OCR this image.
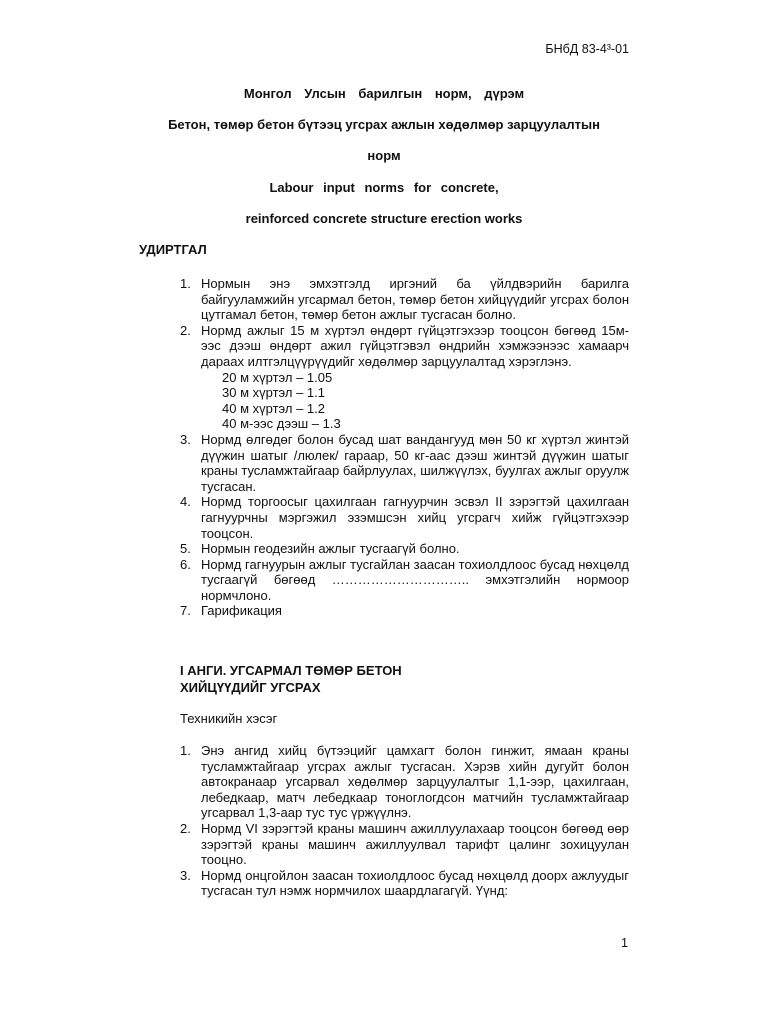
БНбД 83-4³-01
Монгол Улсын барилгын норм, дүрэм
Бетон, төмөр бетон бүтээц угсрах ажлын хөдөлмөр зарцуулалтын
норм
Labour input norms for concrete,
reinforced concrete structure erection works
УДИРТГАЛ
1. Нормын энэ эмхэтгэлд иргэний ба үйлдвэрийн барилга байгууламжийн угсармал бетон, төмөр бетон хийцүүдийг угсрах болон цутгамал бетон, төмөр бетон ажлыг тусгасан болно.
2. Нормд ажлыг 15 м хүртэл өндөрт гүйцэтгэхээр тооцсон бөгөөд 15м-ээс дээш өндөрт ажил гүйцэтгэвэл өндрийн хэмжээнээс хамаарч дараах илтгэлцүүрүүдийг хөдөлмөр зарцуулалтад хэрэглэнэ.
20 м хүртэл – 1.05
30 м хүртэл – 1.1
40 м хүртэл – 1.2
40 м-ээс дээш – 1.3
3. Нормд өлгөдөг болон бусад шат вандангууд мөн 50 кг хүртэл жинтэй дүүжин шатыг /люлек/ гараар, 50 кг-аас дээш жинтэй дүүжин шатыг краны тусламжтайгаар байрлуулах, шилжүүлэх, буулгах ажлыг оруулж тусгасан.
4. Нормд торгоосыг цахилгаан гагнуурчин эсвэл II зэрэгтэй цахилгаан гагнуурчны мэргэжил эзэмшсэн хийц угсрагч хийж гүйцэтгэхээр тооцсон.
5. Нормын геодезийн ажлыг тусгаагүй болно.
6. Нормд гагнуурын ажлыг тусгайлан заасан тохиолдлоос бусад нөхцөлд тусгаагүй бөгөөд ………………………….. эмхэтгэлийн нормоор нормчлоно.
7. Гарификация
I АНГИ. УГСАРМАЛ ТӨМӨР БЕТОН
ХИЙЦҮҮДИЙГ УГСРАХ
Техникийн хэсэг
1. Энэ ангид хийц бүтээцийг цамхагт болон гинжит, ямаан краны тусламжтайгаар угсрах ажлыг тусгасан. Хэрэв хийн дугуйт болон автокранаар угсарвал хөдөлмөр зарцуулалтыг 1,1-ээр, цахилгаан, лебедкаар, матч лебедкаар тоноглогдсон матчийн тусламжтайгаар угсарвал 1,3-аар тус тус үржүүлнэ.
2. Нормд VI зэрэгтэй краны машинч ажиллуулахаар тооцсон бөгөөд өөр зэрэгтэй краны машинч ажиллуулвал тарифт цалинг зохицуулан тооцно.
3. Нормд онцгойлон заасан тохиолдлоос бусад нөхцөлд доорх ажлуудыг тусгасан тул нэмж нормчилох шаардлагагүй. Үүнд:
1
